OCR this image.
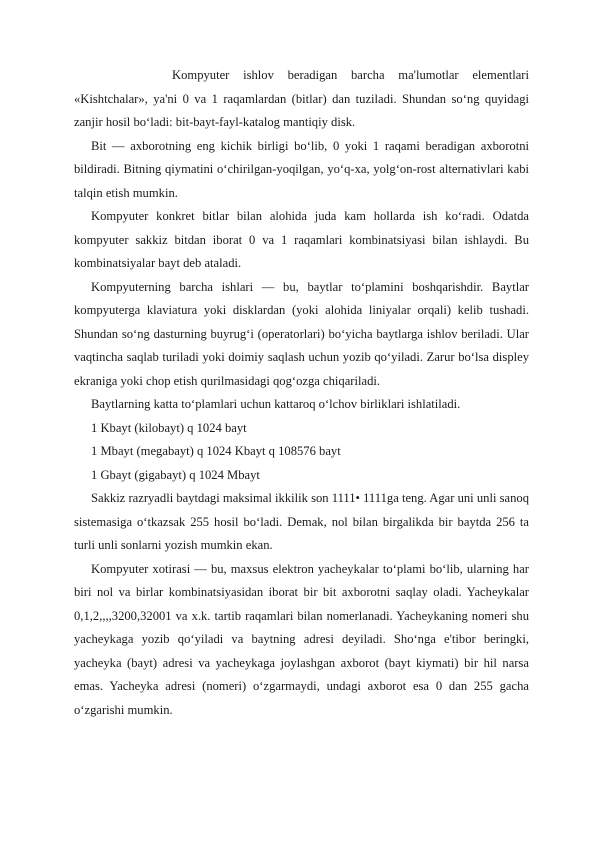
Kompyuter ishlov beradigan barcha ma'lumotlar elementlari «Kishtchalar», ya'ni 0 va 1 raqamlardan (bitlar) dan tuziladi. Shundan so‘ng quyidagi zanjir hosil bo‘ladi: bit-bayt-fayl-katalog mantiqiy disk.

Bit — axborotning eng kichik birligi bo‘lib, 0 yoki 1 raqami beradigan axborotni bildiradi. Bitning qiymatini o‘chirilgan-yoqilgan, yo‘q-xa, yolg‘on-rost alternativlari kabi talqin etish mumkin.

Kompyuter konkret bitlar bilan alohida juda kam hollarda ish ko‘radi. Odatda kompyuter sakkiz bitdan iborat 0 va 1 raqamlari kombinatsiyasi bilan ishlaydi. Bu kombinatsiyalar bayt deb ataladi.

Kompyuterning barcha ishlari — bu, baytlar to‘plamini boshqarishdir. Baytlar kompyuterga klaviatura yoki disklardan (yoki alohida liniyalar orqali) kelib tushadi. Shundan so‘ng dasturning buyrug‘i (operatorlari) bo‘yicha baytlarga ishlov beriladi. Ular vaqtincha saqlab turiladi yoki doimiy saqlash uchun yozib qo‘yiladi. Zarur bo‘lsa displey ekraniga yoki chop etish qurilmasidagi qog‘ozga chiqariladi.

Baytlarning katta to‘plamlari uchun kattaroq o‘lchov birliklari ishlatiladi.

1 Kbayt (kilobayt) q 1024 bayt

1 Mbayt (megabayt) q 1024 Kbayt q 108576 bayt

1 Gbayt (gigabayt) q 1024 Mbayt

Sakkiz razryadli baytdagi maksimal ikkilik son 1111• 1111ga teng. Agar uni unli sanoq sistemasiga o‘tkazsak 255 hosil bo‘ladi. Demak, nol bilan birgalikda bir baytda 256 ta turli unli sonlarni yozish mumkin ekan.

Kompyuter xotirasi — bu, maxsus elektron yacheykalar to‘plami bo‘lib, ularning har biri nol va birlar kombinatsiyasidan iborat bir bit axborotni saqlay oladi. Yacheykalar 0,1,2,,,,3200,32001 va x.k. tartib raqamlari bilan nomerlanadi. Yacheykaning nomeri shu yacheykaga yozib qo‘yiladi va baytning adresi deyiladi. Sho‘nga e'tibor beringki, yacheyka (bayt) adresi va yacheykaga joylashgan axborot (bayt kiymati) bir hil narsa emas. Yacheyka adresi (nomeri) o‘zgarmaydi, undagi axborot esa 0 dan 255 gacha o‘zgarishi mumkin.
